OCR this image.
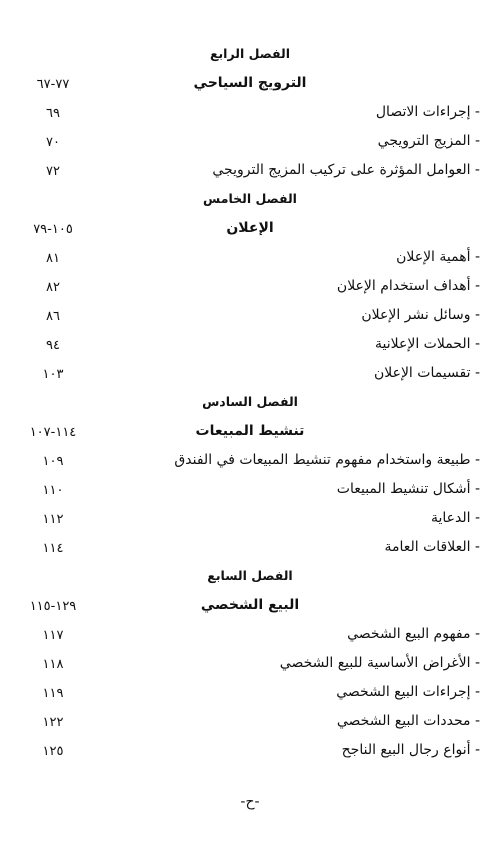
الفصل الرابع
الترويج السياحي
٧٧-٦٧
- إجراءات الاتصال
٦٩
- المزيج الترويجي
٧٠
- العوامل المؤثرة على تركيب المزيج الترويجي
٧٢
الفصل الخامس
الإعلان
١٠٥-٧٩
- أهمية الإعلان
٨١
- أهداف استخدام الإعلان
٨٢
- وسائل نشر الإعلان
٨٦
- الحملات الإعلانية
٩٤
- تقسيمات الإعلان
١٠٣
الفصل السادس
تنشيط المبيعات
١١٤-١٠٧
- طبيعة واستخدام مفهوم تنشيط المبيعات في الفندق
١٠٩
- أشكال تنشيط المبيعات
١١٠
- الدعاية
١١٢
- العلاقات العامة
١١٤
الفصل السابع
البيع الشخصي
١٢٩-١١٥
- مفهوم البيع الشخصي
١١٧
- الأغراض الأساسية للبيع الشخصي
١١٨
- إجراءات البيع الشخصي
١١٩
- محددات البيع الشخصي
١٢٢
- أنواع رجال البيع الناجح
١٢٥
-ح-
